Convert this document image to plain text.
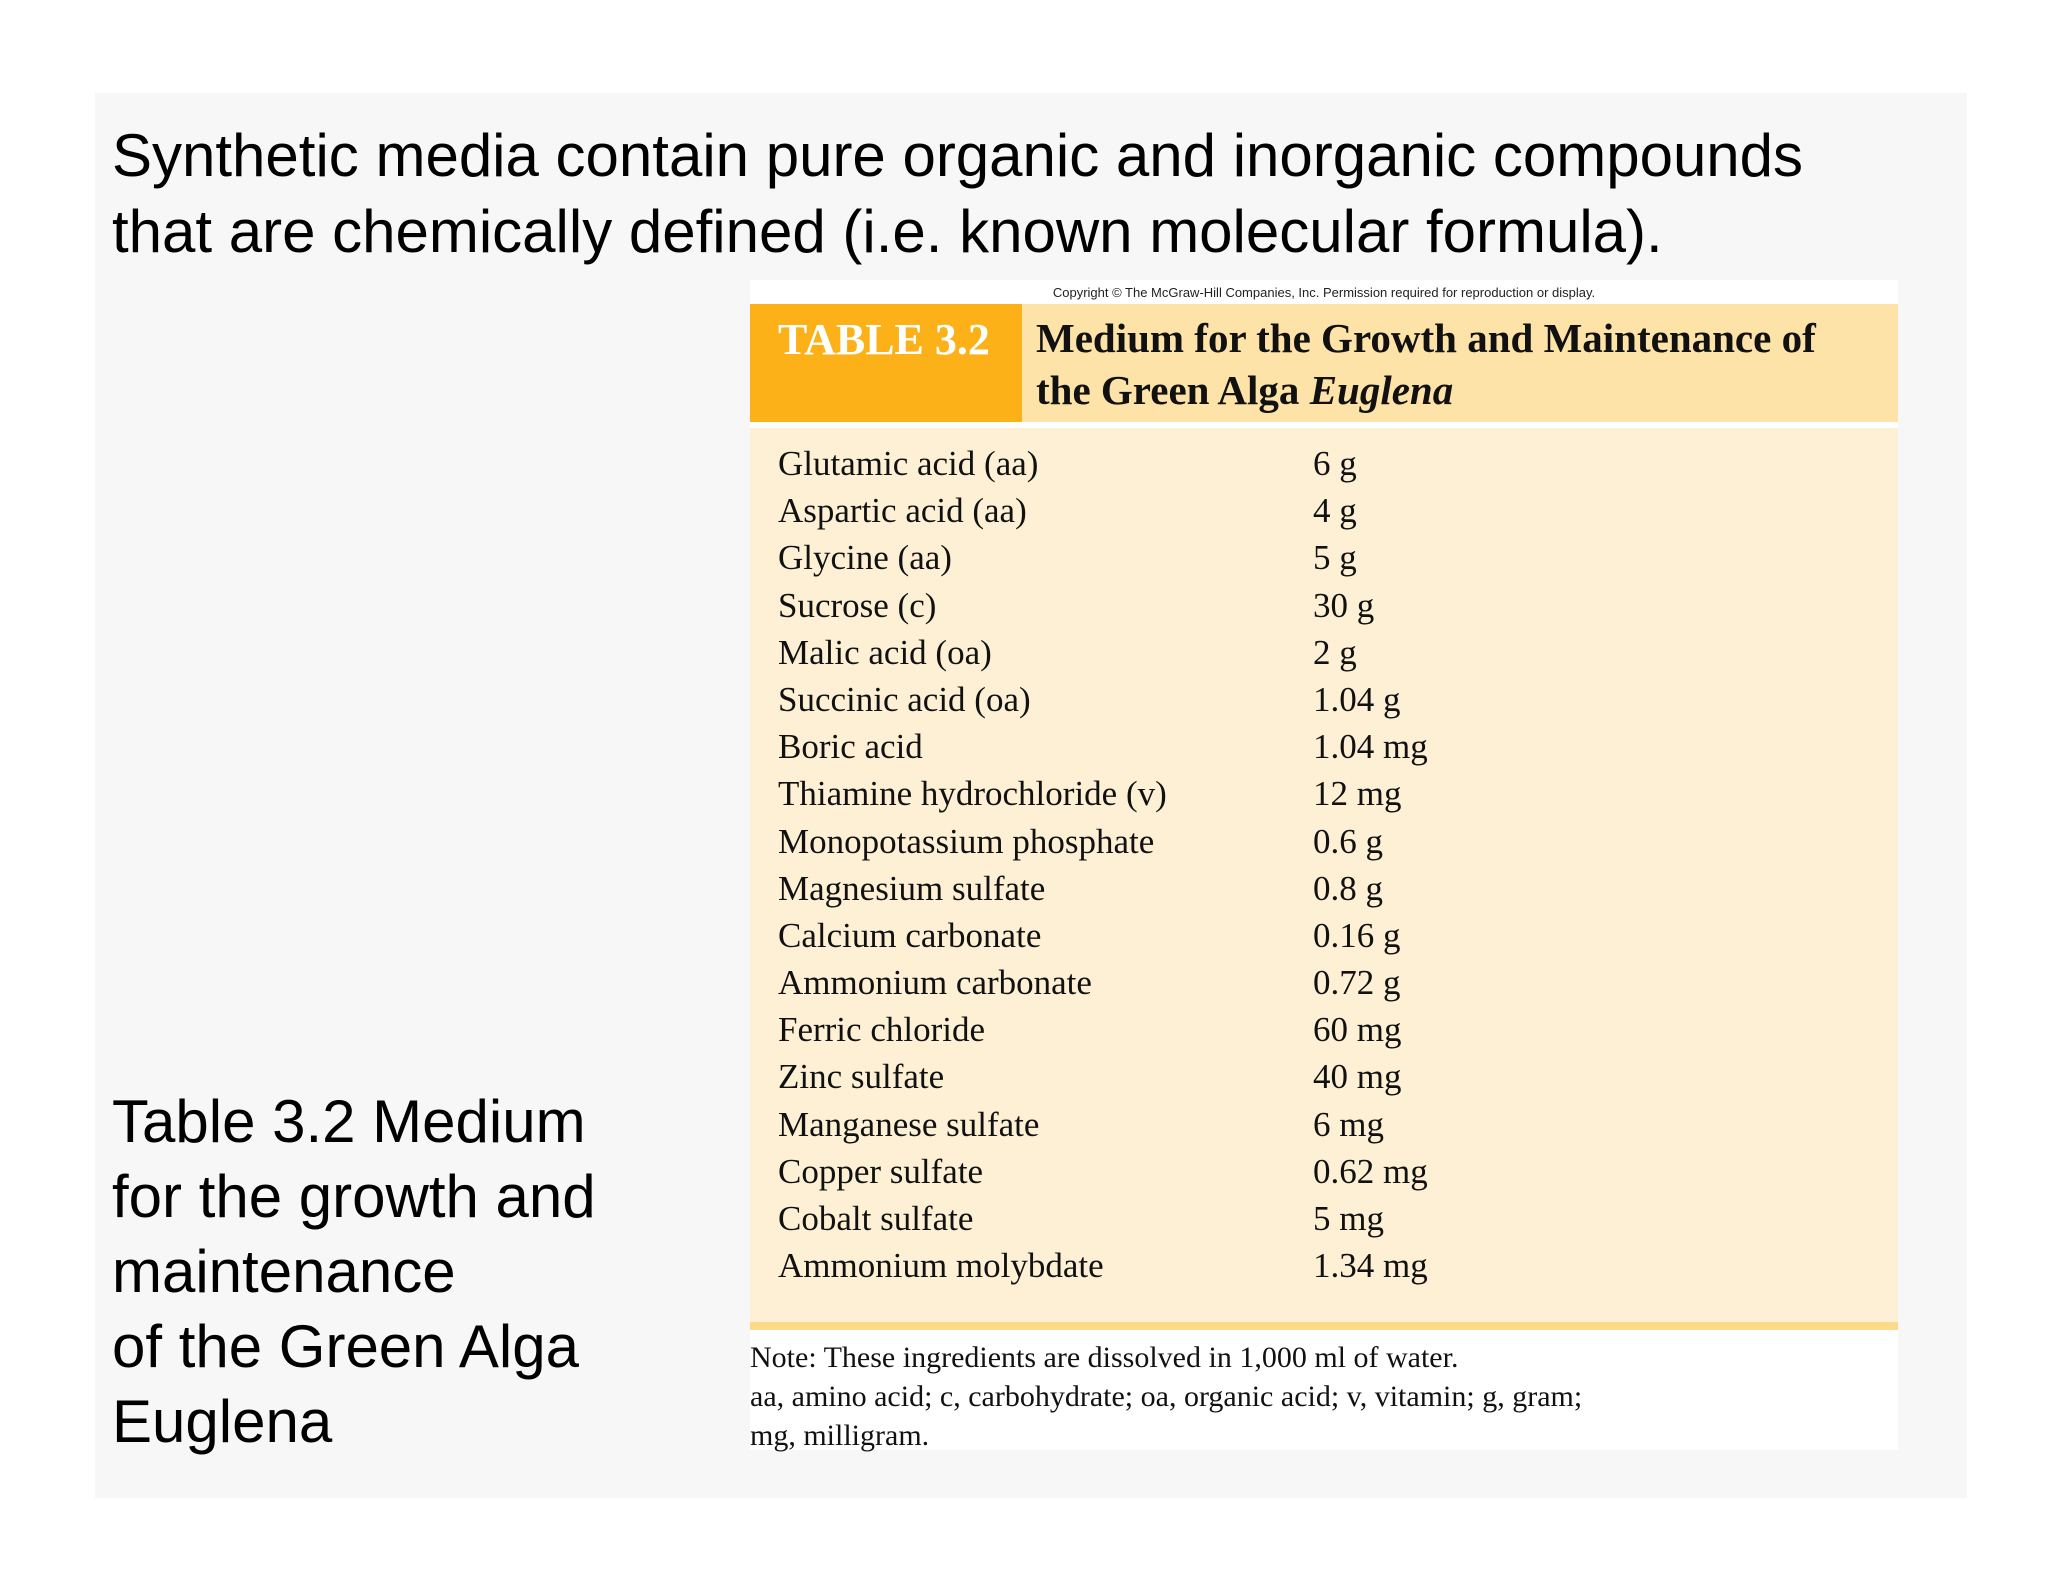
Synthetic media contain pure organic and inorganic compounds
that are chemically defined (i.e. known molecular formula).
Table 3.2 Medium
for the growth and
maintenance
of the Green Alga
Euglena
Copyright © The McGraw-Hill Companies, Inc. Permission required for reproduction or display.
TABLE 3.2 Medium for the Growth and Maintenance of
the Green Alga Euglena
Glutamic acid (aa)	6 g
Aspartic acid (aa)	4 g
Glycine (aa)	5 g
Sucrose (c)	30 g
Malic acid (oa)	2 g
Succinic acid (oa)	1.04 g
Boric acid	1.04 mg
Thiamine hydrochloride (v)	12 mg
Monopotassium phosphate	0.6 g
Magnesium sulfate	0.8 g
Calcium carbonate	0.16 g
Ammonium carbonate	0.72 g
Ferric chloride	60 mg
Zinc sulfate	40 mg
Manganese sulfate	6 mg
Copper sulfate	0.62 mg
Cobalt sulfate	5 mg
Ammonium molybdate	1.34 mg
Note: These ingredients are dissolved in 1,000 ml of water.
aa, amino acid; c, carbohydrate; oa, organic acid; v, vitamin; g, gram;
mg, milligram.
